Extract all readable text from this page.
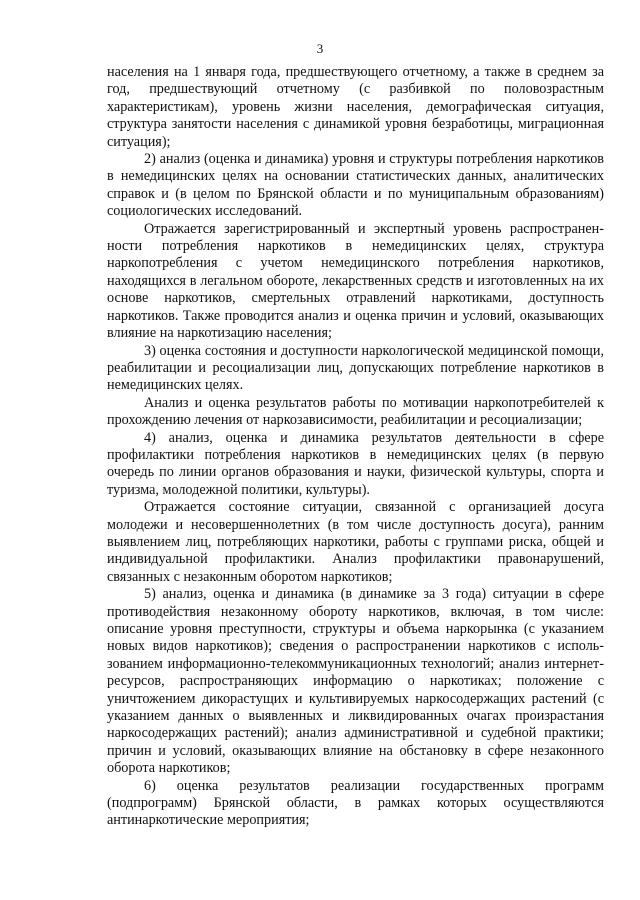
3

населения на 1 января года, предшествующего отчетному, а также в среднем за год, предшествующий отчетному (с разбивкой по половозрастным характеристикам), уровень жизни населения, демографическая ситуация, структура занятости населения с динамикой уровня безработицы, миграционная ситуация);

2) анализ (оценка и динамика) уровня и структуры потребления наркотиков в немедицинских целях на основании статистических данных, аналитических справок и (в целом по Брянской области и по муниципальным образованиям) социологических исследований.

Отражается зарегистрированный и экспертный уровень распространенности потребления наркотиков в немедицинских целях, структура наркопотребления с учетом немедицинского потребления наркотиков, находящихся в легальном обороте, лекарственных средств и изготовленных на их основе наркотиков, смертельных отравлений наркотиками, доступность наркотиков. Также проводится анализ и оценка причин и условий, оказывающих влияние на наркотизацию населения;

3) оценка состояния и доступности наркологической медицинской помощи, реабилитации и ресоциализации лиц, допускающих потребление наркотиков в немедицинских целях.

Анализ и оценка результатов работы по мотивации наркопотребителей к прохождению лечения от наркозависимости, реабилитации и ресоциализации;

4) анализ, оценка и динамика результатов деятельности в сфере профилактики потребления наркотиков в немедицинских целях (в первую очередь по линии органов образования и науки, физической культуры, спорта и туризма, молодежной политики, культуры).

Отражается состояние ситуации, связанной с организацией досуга молодежи и несовершеннолетних (в том числе доступность досуга), ранним выявлением лиц, потребляющих наркотики, работы с группами риска, общей и индивидуальной профилактики. Анализ профилактики правонарушений, связанных с незаконным оборотом наркотиков;

5) анализ, оценка и динамика (в динамике за 3 года) ситуации в сфере противодействия незаконному обороту наркотиков, включая, в том числе: описание уровня преступности, структуры и объема наркорынка (с указанием новых видов наркотиков); сведения о распространении наркотиков с использованием информационно-телекоммуникационных технологий; анализ интернет-ресурсов, распространяющих информацию о наркотиках; положение с уничтожением дикорастущих и культивируемых наркосодержащих растений (с указанием данных о выявленных и ликвидированных очагах произрастания наркосодержащих растений); анализ административной и судебной практики; причин и условий, оказывающих влияние на обстановку в сфере незаконного оборота наркотиков;

6) оценка результатов реализации государственных программ (подпрограмм) Брянской области, в рамках которых осуществляются антинаркотические мероприятия;
